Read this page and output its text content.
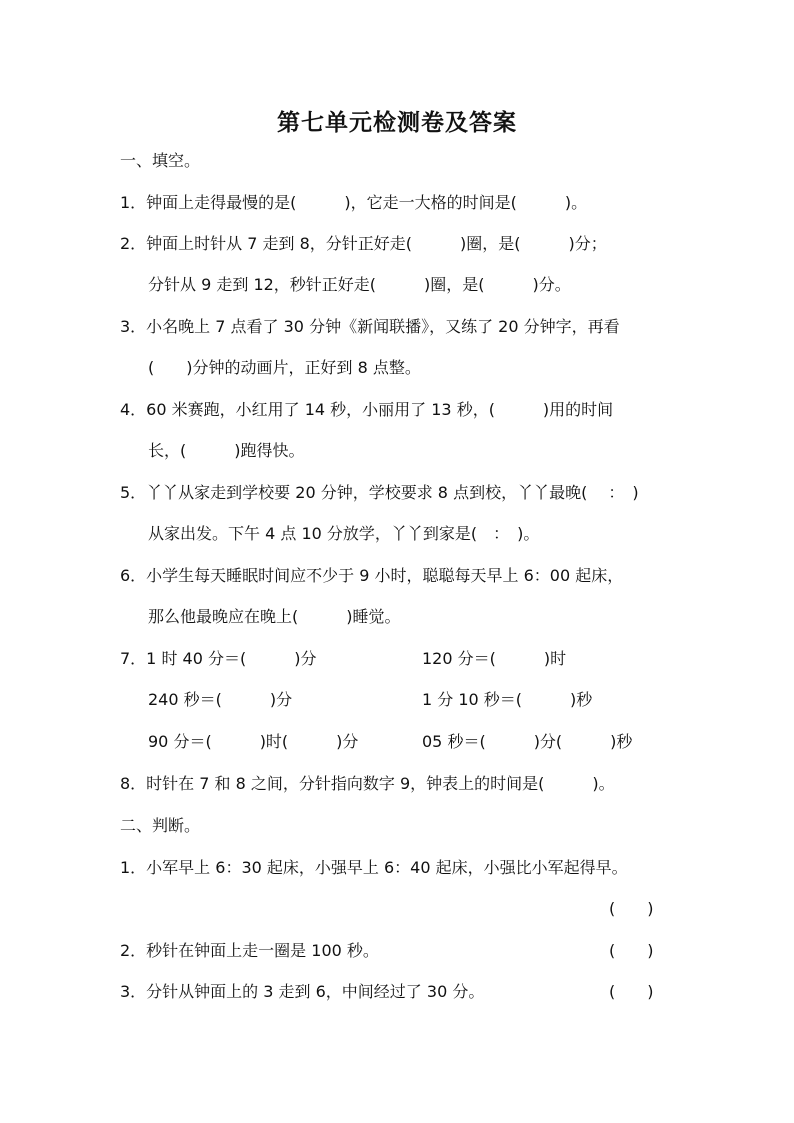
第七单元检测卷及答案
一、填空。
1．钟面上走得最慢的是(　　　)，它走一大格的时间是(　　　)。
2．钟面上时针从 7 走到 8，分针正好走(　　　)圈，是(　　　)分；
分针从 9 走到 12，秒针正好走(　　　)圈，是(　　　)分。
3．小名晚上 7 点看了 30 分钟《新闻联播》，又练了 20 分钟字，再看
(　　)分钟的动画片，正好到 8 点整。
4．60 米赛跑，小红用了 14 秒，小丽用了 13 秒，(　　　)用的时间
长，(　　　)跑得快。
5．丫丫从家走到学校要 20 分钟，学校要求 8 点到校，丫丫最晚(　 ：　)
从家出发。下午 4 点 10 分放学，丫丫到家是(　：　)。
6．小学生每天睡眠时间应不少于 9 小时，聪聪每天早上 6：00 起床，
那么他最晚应在晚上(　　　)睡觉。
7．1 时 40 分＝(　　　)分	120 分＝(　　　)时
240 秒＝(　　　)分	1 分 10 秒＝(　　　)秒
90 分＝(　　　)时(　　　)分	05 秒＝(　　　)分(　　　)秒
8．时针在 7 和 8 之间，分针指向数字 9，钟表上的时间是(　　　)。
二、判断。
1．小军早上 6：30 起床，小强早上 6：40 起床，小强比小军起得早。
(　　)
2．秒针在钟面上走一圈是 100 秒。	(　　)
3．分针从钟面上的 3 走到 6，中间经过了 30 分。	(　　)
